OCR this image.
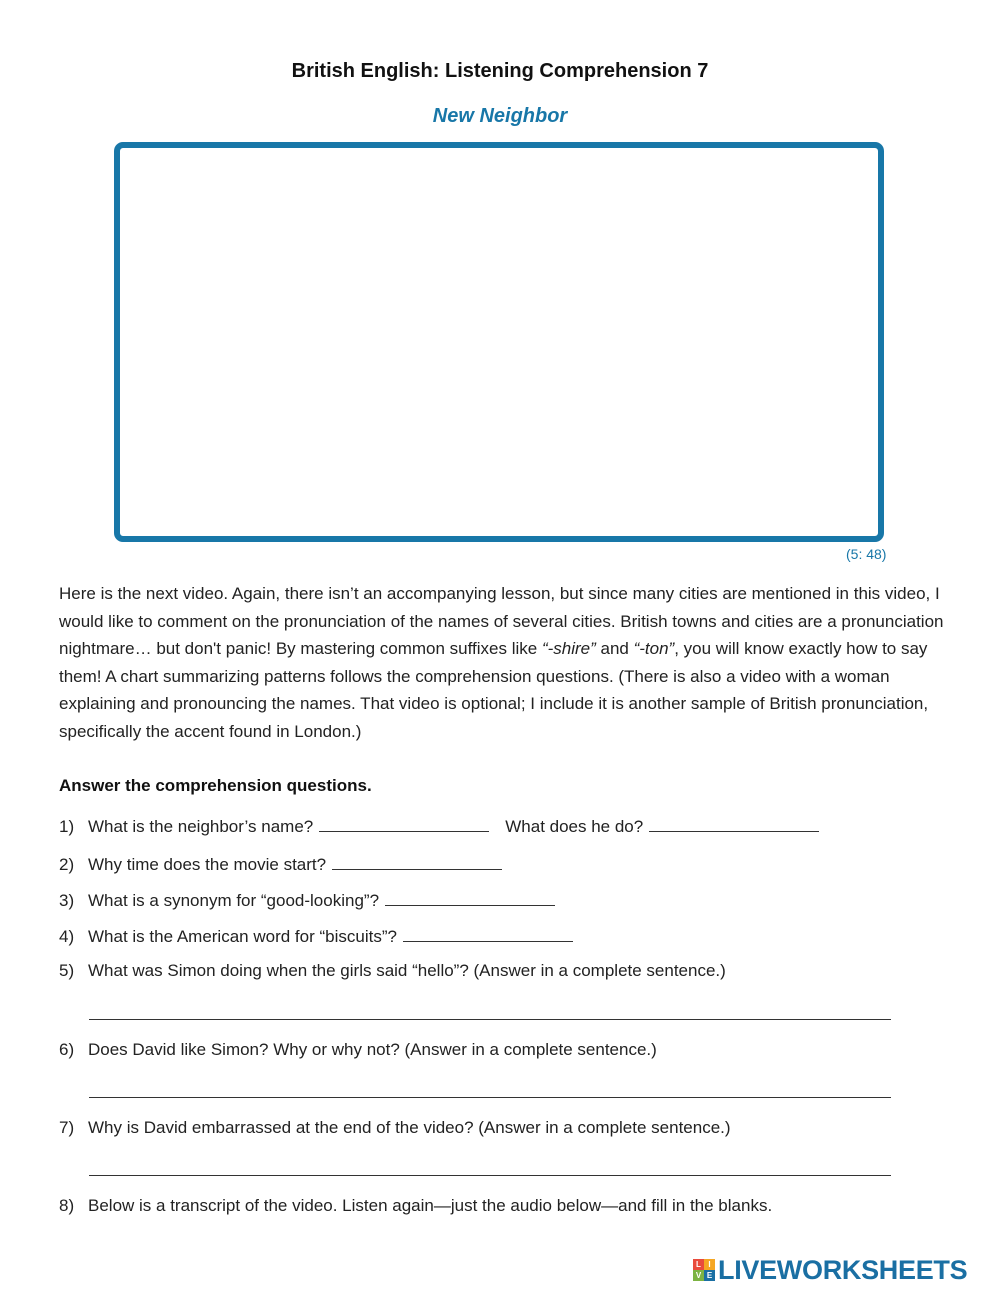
British English: Listening Comprehension 7
New Neighbor
(5: 48)

Here is the next video. Again, there isn’t an accompanying lesson, but since many cities are mentioned in this video, I would like to comment on the pronunciation of the names of several cities. British towns and cities are a pronunciation nightmare… but don't panic! By mastering common suffixes like “-shire” and “-ton”, you will know exactly how to say them! A chart summarizing patterns follows the comprehension questions. (There is also a video with a woman explaining and pronouncing the names. That video is optional; I include it is another sample of British pronunciation, specifically the accent found in London.)

Answer the comprehension questions.
1) What is the neighbor’s name?	What does he do?
2) Why time does the movie start?
3) What is a synonym for “good-looking”?
4) What is the American word for “biscuits”?
5) What was Simon doing when the girls said “hello”? (Answer in a complete sentence.)
6) Does David like Simon? Why or why not? (Answer in a complete sentence.)
7) Why is David embarrassed at the end of the video? (Answer in a complete sentence.)
8) Below is a transcript of the video. Listen again—just the audio below—and fill in the blanks.
L I
V E LIVEWORKSHEETS
